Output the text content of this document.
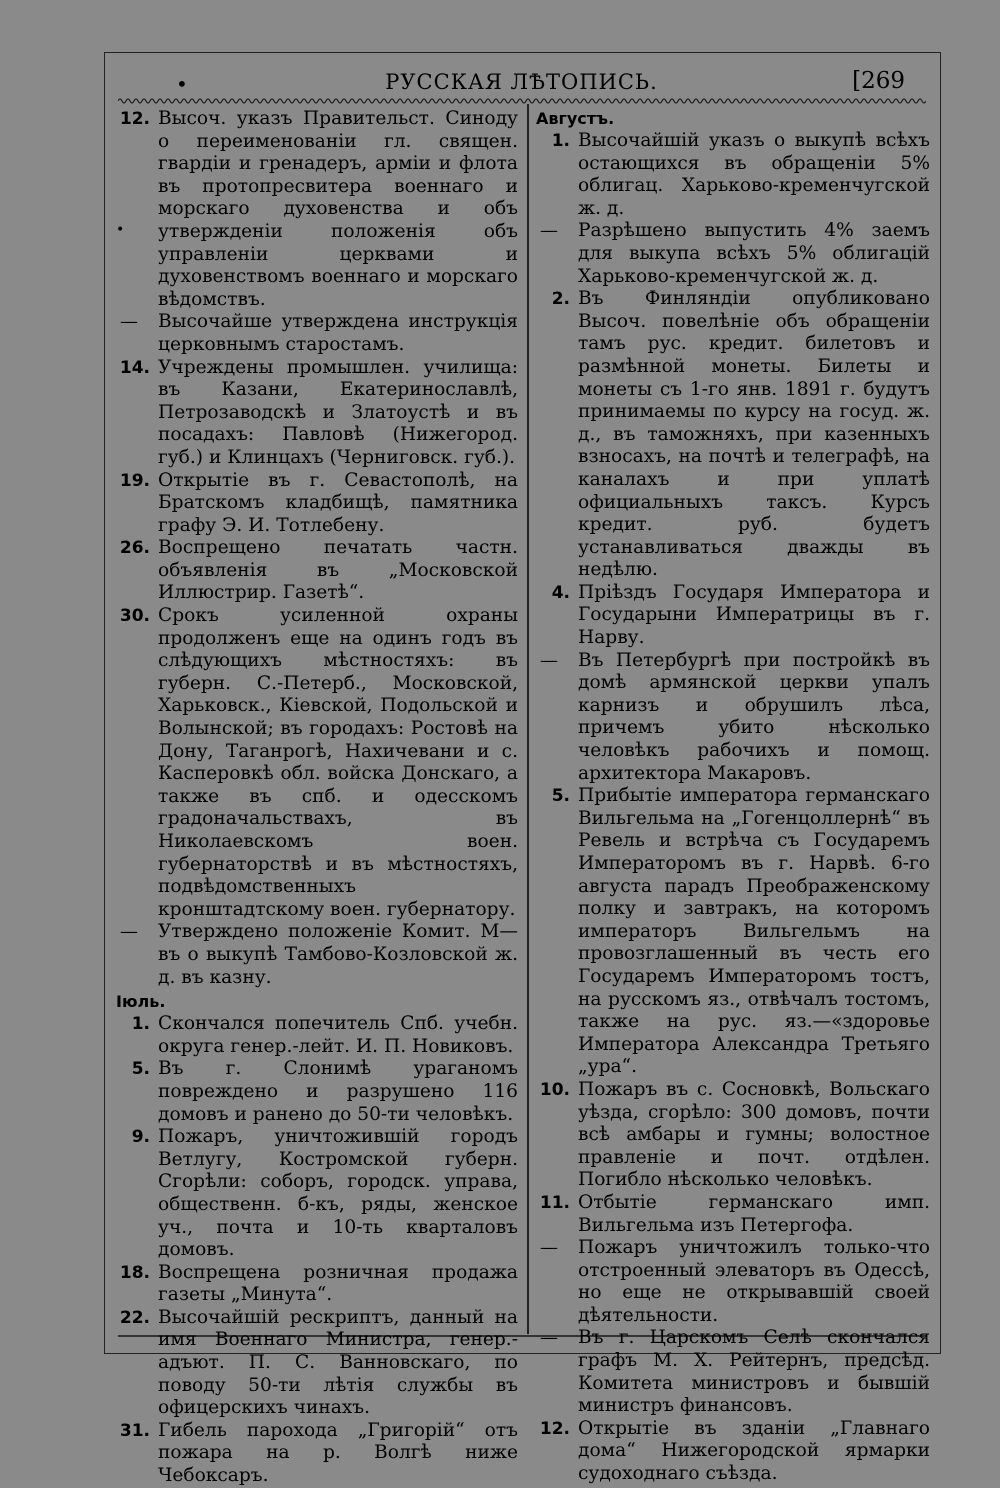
•	РУССКАЯ ЛѢТОПИСЬ.	[269
•
12. Высоч. указъ Правительст. Синоду о переименованіи гл. священ. гвардіи и гренадеръ, арміи и флота въ протопресвитера военнаго и морскаго духовенства и объ утвержденіи положенія объ управленіи церквами и духовенствомъ военнаго и морскаго вѣдомствъ.
— Высочайше утверждена инструкція церковнымъ старостамъ.
14. Учреждены промышлен. училища: въ Казани, Екатеринославлѣ, Петрозаводскѣ и Златоустѣ и въ посадахъ: Павловѣ (Нижегород. губ.) и Клинцахъ (Черниговск. губ.).
19. Открытіе въ г. Севастополѣ, на Братскомъ кладбищѣ, памятника графу Э. И. Тотлебену.
26. Воспрещено печатать частн. объявленія въ „Московской Иллюстрир. Газетѣ“.
30. Срокъ усиленной охраны продолженъ еще на одинъ годъ въ слѣдующихъ мѣстностяхъ: въ губерн. С.-Петерб., Московской, Харьковск., Кіевской, Подольской и Волынской; въ городахъ: Ростовѣ на Дону, Таганрогѣ, Нахичевани и с. Касперовкѣ обл. войска Донскаго, а также въ спб. и одесскомъ градоначальствахъ, въ Николаевскомъ воен. губернаторствѣ и въ мѣстностяхъ, подвѣдомственныхъ кронштадтскому воен. губернатору.
— Утверждено положеніе Комит. М—въ о выкупѣ Тамбово-Козловской ж. д. въ казну.
Іюль.
1. Скончался попечитель Спб. учебн. округа генер.-лейт. И. П. Новиковъ.
5. Въ г. Слонимѣ ураганомъ повреждено и разрушено 116 домовъ и ранено до 50-ти человѣкъ.
9. Пожаръ, уничтожившій городъ Ветлугу, Костромской губерн. Сгорѣли: соборъ, городск. управа, общественн. б-къ, ряды, женское уч., почта и 10-ть кварталовъ домовъ.
18. Воспрещена розничная продажа газеты „Минута“.
22. Высочайшій рескриптъ, данный на имя Военнаго Министра, генер.-адъют. П. С. Ванновскаго, по поводу 50-ти лѣтія службы въ офицерскихъ чинахъ.
31. Гибель парохода „Григорій“ отъ пожара на р. Волгѣ ниже Чебоксаръ.
Августъ.
1. Высочайшій указъ о выкупѣ всѣхъ остающихся въ обращеніи 5% облигац. Харьково-кременчугской ж. д.
— Разрѣшено выпустить 4% заемъ для выкупа всѣхъ 5% облигацій Харьково-кременчугской ж. д.
2. Въ Финляндіи опубликовано Высоч. повелѣніе объ обращеніи тамъ рус. кредит. билетовъ и размѣнной монеты. Билеты и монеты съ 1-го янв. 1891 г. будутъ принимаемы по курсу на госуд. ж. д., въ таможняхъ, при казенныхъ взносахъ, на почтѣ и телеграфѣ, на каналахъ и при уплатѣ официальныхъ таксъ. Курсъ кредит. руб. будетъ устанавливаться дважды въ недѣлю.
4. Пріѣздъ Государя Императора и Государыни Императрицы въ г. Нарву.
— Въ Петербургѣ при постройкѣ въ домѣ армянской церкви упалъ карнизъ и обрушилъ лѣса, причемъ убито нѣсколько человѣкъ рабочихъ и помощ. архитектора Макаровъ.
5. Прибытіе императора германскаго Вильгельма на „Гогенцоллернѣ“ въ Ревель и встрѣча съ Государемъ Императоромъ въ г. Нарвѣ. 6-го августа парадъ Преображенскому полку и завтракъ, на которомъ императоръ Вильгельмъ на провозглашенный въ честь его Государемъ Императоромъ тостъ, на русскомъ яз., отвѣчалъ тостомъ, также на рус. яз.—«здоровье Императора Александра Третьяго „ура“.
10. Пожаръ въ с. Сосновкѣ, Вольскаго уѣзда, сгорѣло: 300 домовъ, почти всѣ амбары и гумны; волостное правленіе и почт. отдѣлен. Погибло нѣсколько человѣкъ.
11. Отбытіе германскаго имп. Вильгельма изъ Петергофа.
— Пожаръ уничтожилъ только-что отстроенный элеваторъ въ Одессѣ, но еще не открывавшій своей дѣятельности.
— Въ г. Царскомъ Селѣ скончался графъ М. Х. Рейтернъ, предсѣд. Комитета министровъ и бывшій министръ финансовъ.
12. Открытіе въ зданіи „Главнаго дома“ Нижегородской ярмарки судоходнаго съѣзда.
